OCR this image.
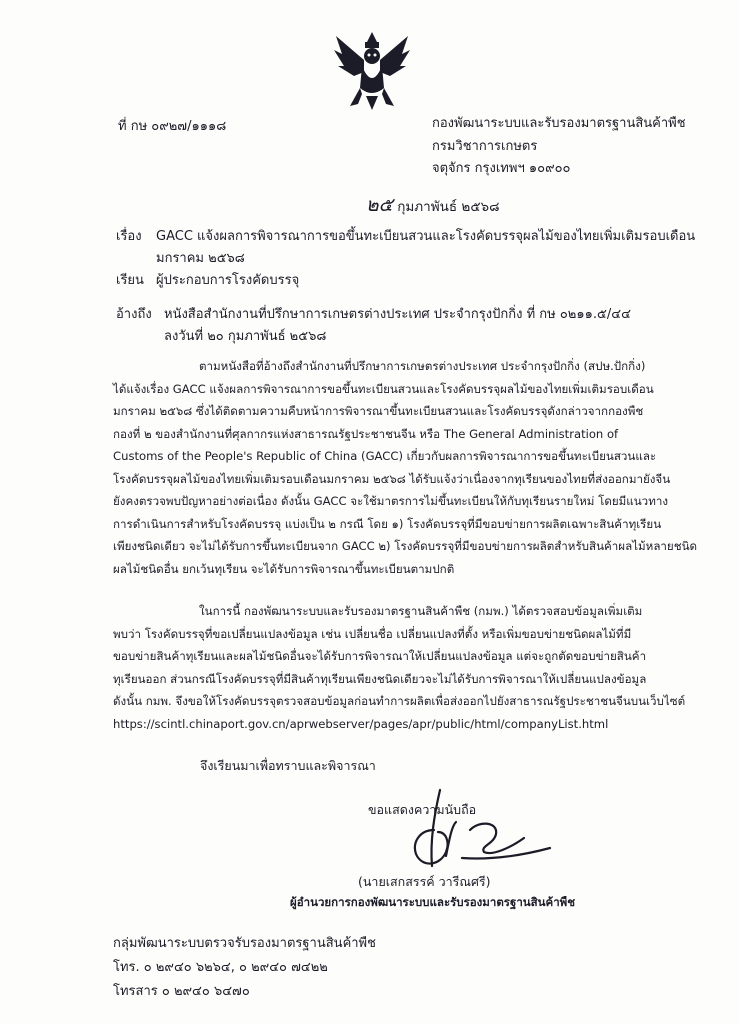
ที่ กษ ๐๙๒๗/๑๑๑๘	กองพัฒนาระบบและรับรองมาตรฐานสินค้าพืช
กรมวิชาการเกษตร
จตุจักร กรุงเทพฯ ๑๐๙๐๐
๒๕ กุมภาพันธ์ ๒๕๖๘
เรื่อง GACC แจ้งผลการพิจารณาการขอขึ้นทะเบียนสวนและโรงคัดบรรจุผลไม้ของไทยเพิ่มเติมรอบเดือน
มกราคม ๒๕๖๘
เรียน ผู้ประกอบการโรงคัดบรรจุ
อ้างถึง หนังสือสำนักงานที่ปรึกษาการเกษตรต่างประเทศ ประจำกรุงปักกิ่ง ที่ กษ ๐๒๑๑.๕/๔๔
ลงวันที่ ๒๐ กุมภาพันธ์ ๒๕๖๘
ตามหนังสือที่อ้างถึงสำนักงานที่ปรึกษาการเกษตรต่างประเทศ ประจำกรุงปักกิ่ง (สปษ.ปักกิ่ง)
ได้แจ้งเรื่อง GACC แจ้งผลการพิจารณาการขอขึ้นทะเบียนสวนและโรงคัดบรรจุผลไม้ของไทยเพิ่มเติมรอบเดือน
มกราคม ๒๕๖๘ ซึ่งได้ติดตามความคืบหน้าการพิจารณาขึ้นทะเบียนสวนและโรงคัดบรรจุดังกล่าวจากกองพืช
กองที่ ๒ ของสำนักงานที่ศุลกากรแห่งสาธารณรัฐประชาชนจีน หรือ The General Administration of
Customs of the People's Republic of China (GACC) เกี่ยวกับผลการพิจารณาการขอขึ้นทะเบียนสวนและ
โรงคัดบรรจุผลไม้ของไทยเพิ่มเติมรอบเดือนมกราคม ๒๕๖๘ ได้รับแจ้งว่าเนื่องจากทุเรียนของไทยที่ส่งออกมายังจีน
ยังคงตรวจพบปัญหาอย่างต่อเนื่อง ดังนั้น GACC จะใช้มาตรการไม่ขึ้นทะเบียนให้กับทุเรียนรายใหม่ โดยมีแนวทาง
การดำเนินการสำหรับโรงคัดบรรจุ แบ่งเป็น ๒ กรณี โดย ๑) โรงคัดบรรจุที่มีขอบข่ายการผลิตเฉพาะสินค้าทุเรียน
เพียงชนิดเดียว จะไม่ได้รับการขึ้นทะเบียนจาก GACC ๒) โรงคัดบรรจุที่มีขอบข่ายการผลิตสำหรับสินค้าผลไม้หลายชนิด
ผลไม้ชนิดอื่น ยกเว้นทุเรียน จะได้รับการพิจารณาขึ้นทะเบียนตามปกติ
ในการนี้ กองพัฒนาระบบและรับรองมาตรฐานสินค้าพืช (กมพ.) ได้ตรวจสอบข้อมูลเพิ่มเติม
พบว่า โรงคัดบรรจุที่ขอเปลี่ยนแปลงข้อมูล เช่น เปลี่ยนชื่อ เปลี่ยนแปลงที่ตั้ง หรือเพิ่มขอบข่ายชนิดผลไม้ที่มี
ขอบข่ายสินค้าทุเรียนและผลไม้ชนิดอื่นจะได้รับการพิจารณาให้เปลี่ยนแปลงข้อมูล แต่จะถูกตัดขอบข่ายสินค้า
ทุเรียนออก ส่วนกรณีโรงคัดบรรจุที่มีสินค้าทุเรียนเพียงชนิดเดียวจะไม่ได้รับการพิจารณาให้เปลี่ยนแปลงข้อมูล
ดังนั้น กมพ. จึงขอให้โรงคัดบรรจุตรวจสอบข้อมูลก่อนทำการผลิตเพื่อส่งออกไปยังสาธารณรัฐประชาชนจีนบนเว็บไซต์
https://scintl.chinaport.gov.cn/aprwebserver/pages/apr/public/html/companyList.html
จึงเรียนมาเพื่อทราบและพิจารณา
ขอแสดงความนับถือ
(นายเสกสรรค์ วารีณศรี)
ผู้อำนวยการกองพัฒนาระบบและรับรองมาตรฐานสินค้าพืช
กลุ่มพัฒนาระบบตรวจรับรองมาตรฐานสินค้าพืช
โทร. ๐ ๒๙๔๐ ๖๒๖๔, ๐ ๒๙๔๐ ๗๔๒๒
โทรสาร ๐ ๒๙๔๐ ๖๔๗๐
